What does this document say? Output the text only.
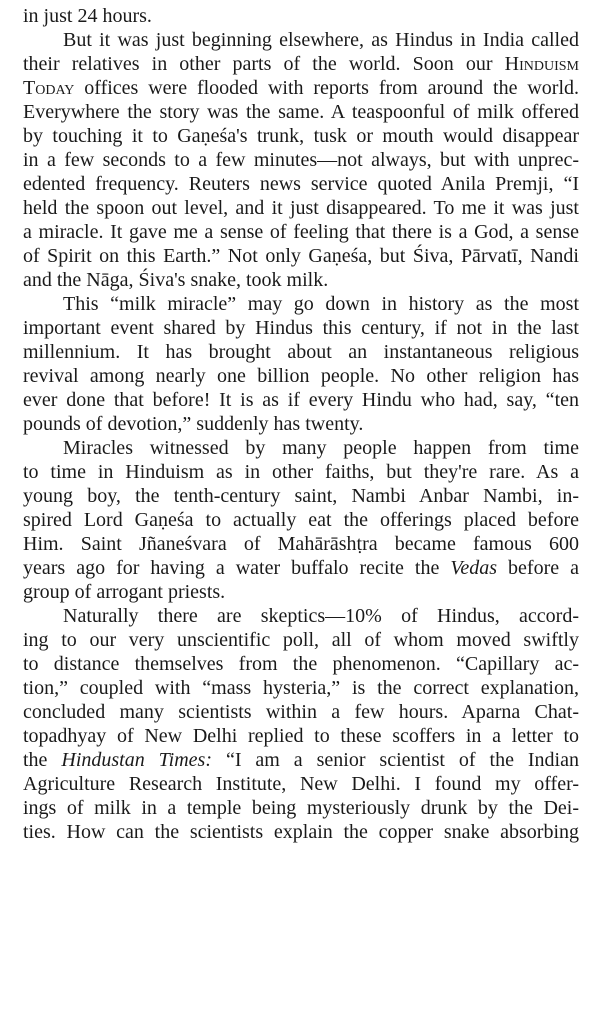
in just 24 hours.
But it was just beginning elsewhere, as Hindus in India called
their relatives in other parts of the world. Soon our Hinduism
Today offices were flooded with reports from around the world.
Everywhere the story was the same. A teaspoonful of milk offered
by touching it to Gaṇeśa's trunk, tusk or mouth would disappear
in a few seconds to a few minutes—not always, but with unprec-
edented frequency. Reuters news service quoted Anila Premji, “I
held the spoon out level, and it just disappeared. To me it was just
a miracle. It gave me a sense of feeling that there is a God, a sense
of Spirit on this Earth.” Not only Gaṇeśa, but Śiva, Pārvatī, Nandi
and the Nāga, Śiva's snake, took milk.
This “milk miracle” may go down in history as the most
important event shared by Hindus this century, if not in the last
millennium. It has brought about an instantaneous religious
revival among nearly one billion people. No other religion has
ever done that before! It is as if every Hindu who had, say, “ten
pounds of devotion,” suddenly has twenty.
Miracles witnessed by many people happen from time
to time in Hinduism as in other faiths, but they're rare. As a
young boy, the tenth-century saint, Nambi Anbar Nambi, in-
spired Lord Gaṇeśa to actually eat the offerings placed before
Him. Saint Jñaneśvara of Mahārāshṭra became famous 600
years ago for having a water buffalo recite the Vedas before a
group of arrogant priests.
Naturally there are skeptics—10% of Hindus, accord-
ing to our very unscientific poll, all of whom moved swiftly
to distance themselves from the phenomenon. “Capillary ac-
tion,” coupled with “mass hysteria,” is the correct explanation,
concluded many scientists within a few hours. Aparna Chat-
topadhyay of New Delhi replied to these scoffers in a letter to
the Hindustan Times: “I am a senior scientist of the Indian
Agriculture Research Institute, New Delhi. I found my offer-
ings of milk in a temple being mysteriously drunk by the Dei-
ties. How can the scientists explain the copper snake absorbing
